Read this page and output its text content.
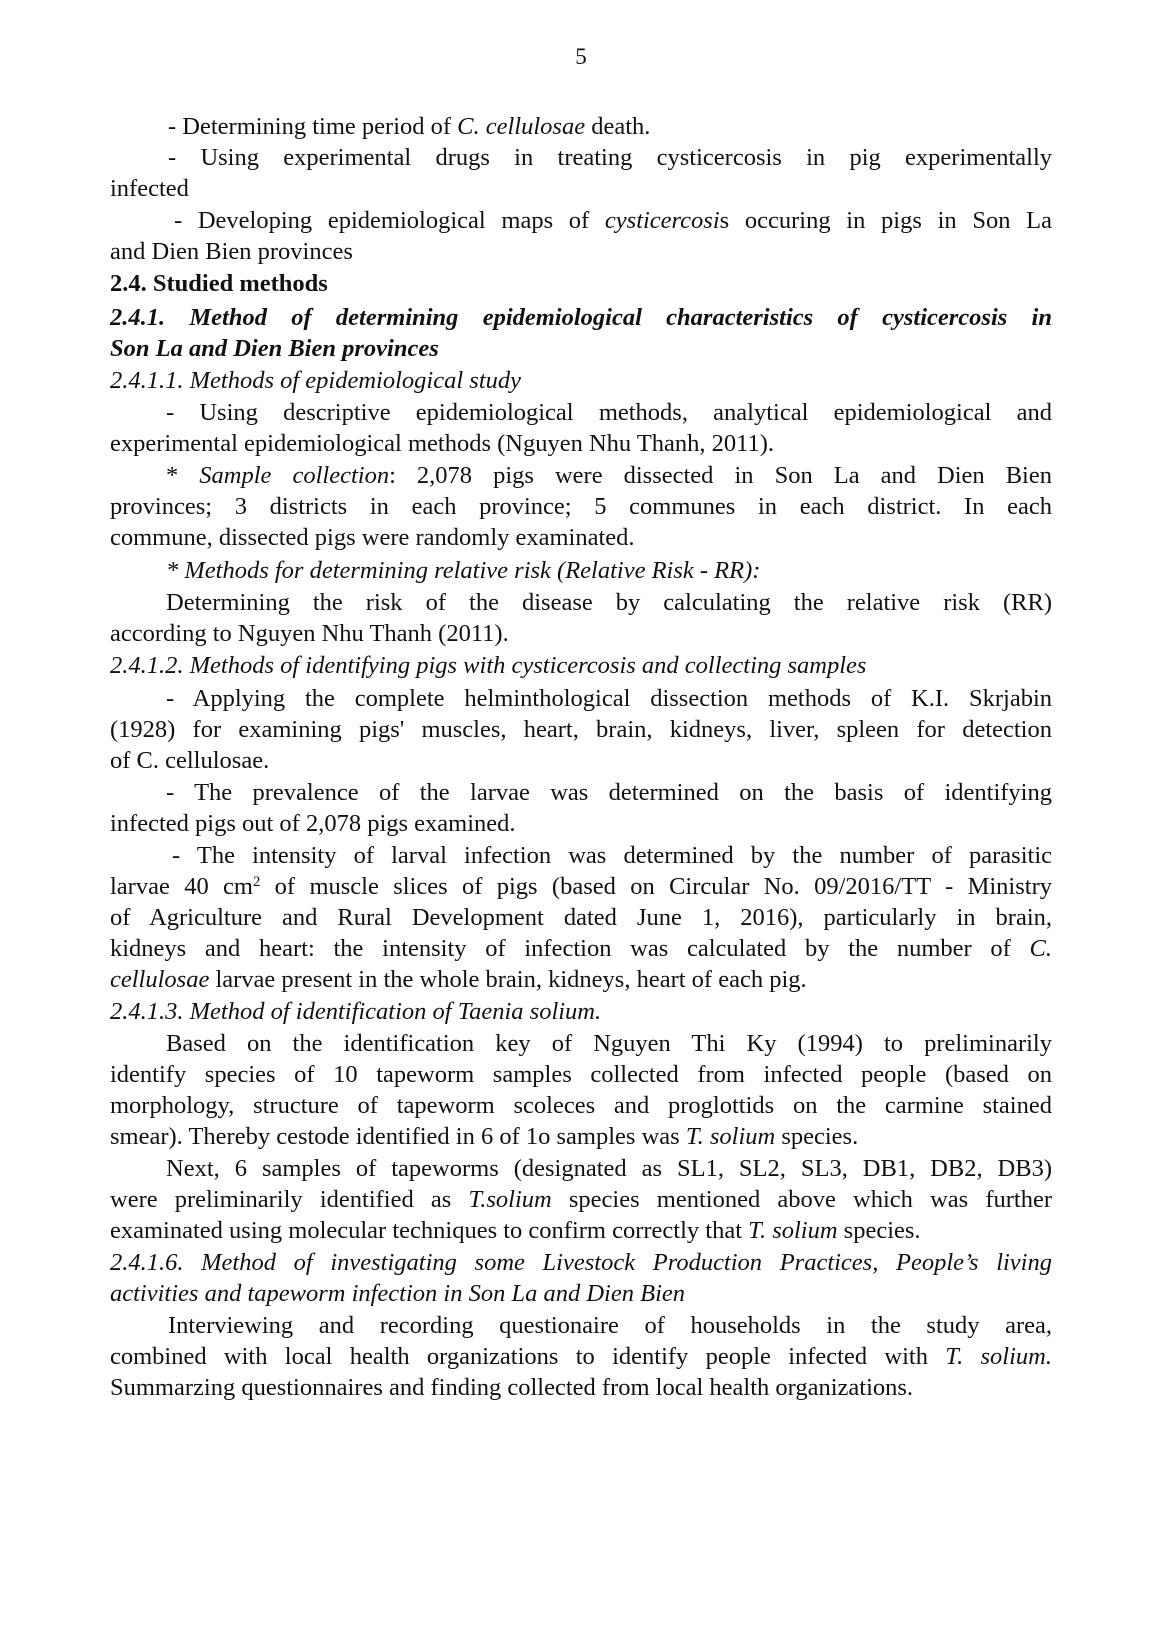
5
- Determining time period of C. cellulosae death.
- Using experimental drugs in treating cysticercosis in pig experimentally
infected
- Developing epidemiological maps of cysticercosis occuring in pigs in Son La
and Dien Bien provinces
2.4. Studied methods
2.4.1. Method of determining epidemiological characteristics of cysticercosis in
Son La and Dien Bien provinces
2.4.1.1. Methods of epidemiological study
- Using descriptive epidemiological methods, analytical epidemiological and
experimental epidemiological methods (Nguyen Nhu Thanh, 2011).
* Sample collection: 2,078 pigs were dissected in Son La and Dien Bien
provinces; 3 districts in each province; 5 communes in each district. In each
commune, dissected pigs were randomly examinated.
* Methods for determining relative risk (Relative Risk - RR):
Determining the risk of the disease by calculating the relative risk (RR)
according to Nguyen Nhu Thanh (2011).
2.4.1.2. Methods of identifying pigs with cysticercosis and collecting samples
- Applying the complete helminthological dissection methods of K.I. Skrjabin
(1928) for examining pigs' muscles, heart, brain, kidneys, liver, spleen for detection
of C. cellulosae.
- The prevalence of the larvae was determined on the basis of identifying
infected pigs out of 2,078 pigs examined.
- The intensity of larval infection was determined by the number of parasitic
larvae 40 $cm^2$ of muscle slices of pigs (based on Circular No. 09/2016/TT - Ministry
of Agriculture and Rural Development dated June 1, 2016), particularly in brain,
kidneys and heart: the intensity of infection was calculated by the number of C.
cellulosae larvae present in the whole brain, kidneys, heart of each pig.
2.4.1.3. Method of identification of Taenia solium.
Based on the identification key of Nguyen Thi Ky (1994) to preliminarily
identify species of 10 tapeworm samples collected from infected people (based on
morphology, structure of tapeworm scoleces and proglottids on the carmine stained
smear). Thereby cestode identified in 6 of 1o samples was T. solium species.
Next, 6 samples of tapeworms (designated as SL1, SL2, SL3, DB1, DB2, DB3)
were preliminarily identified as T.solium species mentioned above which was further
examinated using molecular techniques to confirm correctly that T. solium species.
2.4.1.6. Method of investigating some Livestock Production Practices, People’s living
activities and tapeworm infection in Son La and Dien Bien
Interviewing and recording questionaire of households in the study area,
combined with local health organizations to identify people infected with T. solium.
Summarzing questionnaires and finding collected from local health organizations.
